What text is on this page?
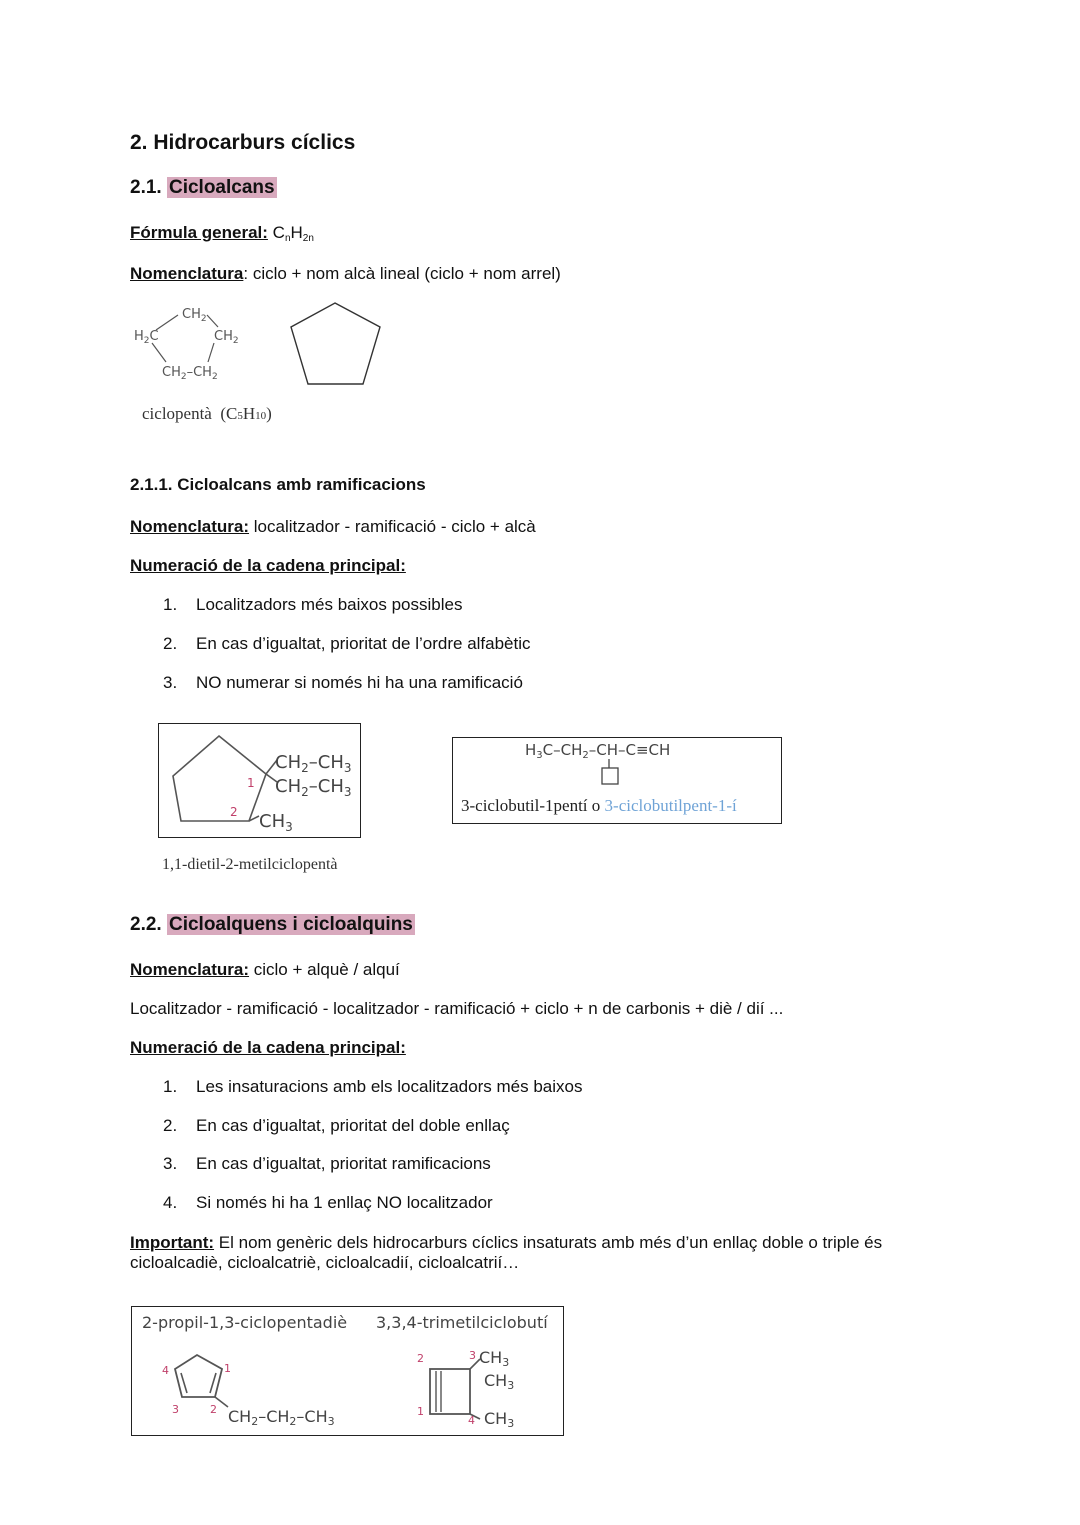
2. Hidrocarburs cíclics
2.1. Cicloalcans
Fórmula general: $C_nH_{2n}$
Nomenclatura: ciclo + nom alcà lineal (ciclo + nom arrel)
$CH_2$
$H_2C$	$CH_2$
$CH_2-CH_2$
ciclopentà  (C5H10)
2.1.1. Cicloalcans amb ramificacions
Nomenclatura: localitzador - ramificació - ciclo + alcà
Numeració de la cadena principal:
1. Localitzadors més baixos possibles
2. En cas d’igualtat, prioritat de l’ordre alfabètic
3. NO numerar si només hi ha una ramificació
$CH_2-CH_3$
$CH_2-CH_3$
$CH_3$
1
2
1,1-dietil-2-metilciclopentà
$H_3C-CH_2-CH-C\equiv CH$
3-ciclobutil-1pentí o 3-ciclobutilpent-1-í
2.2. Cicloalquens i cicloalquins
Nomenclatura: ciclo + alquè / alquí
Localitzador - ramificació - localitzador - ramificació + ciclo + n de carbonis + diè / dií ...
Numeració de la cadena principal:
1. Les insaturacions amb els localitzadors més baixos
2. En cas d’igualtat, prioritat del doble enllaç
3. En cas d’igualtat, prioritat ramificacions
4. Si només hi ha 1 enllaç NO localitzador
Important: El nom genèric dels hidrocarburs cíclics insaturats amb més d’un enllaç doble o triple és
cicloalcadiè, cicloalcatriè, cicloalcadií, cicloalcatrií…
2-propil-1,3-ciclopentadiè 3,3,4-trimetilciclobutí
CH2–CH2–CH3
1
2
3
4
CH3
CH3
CH3
1
2	3
4
